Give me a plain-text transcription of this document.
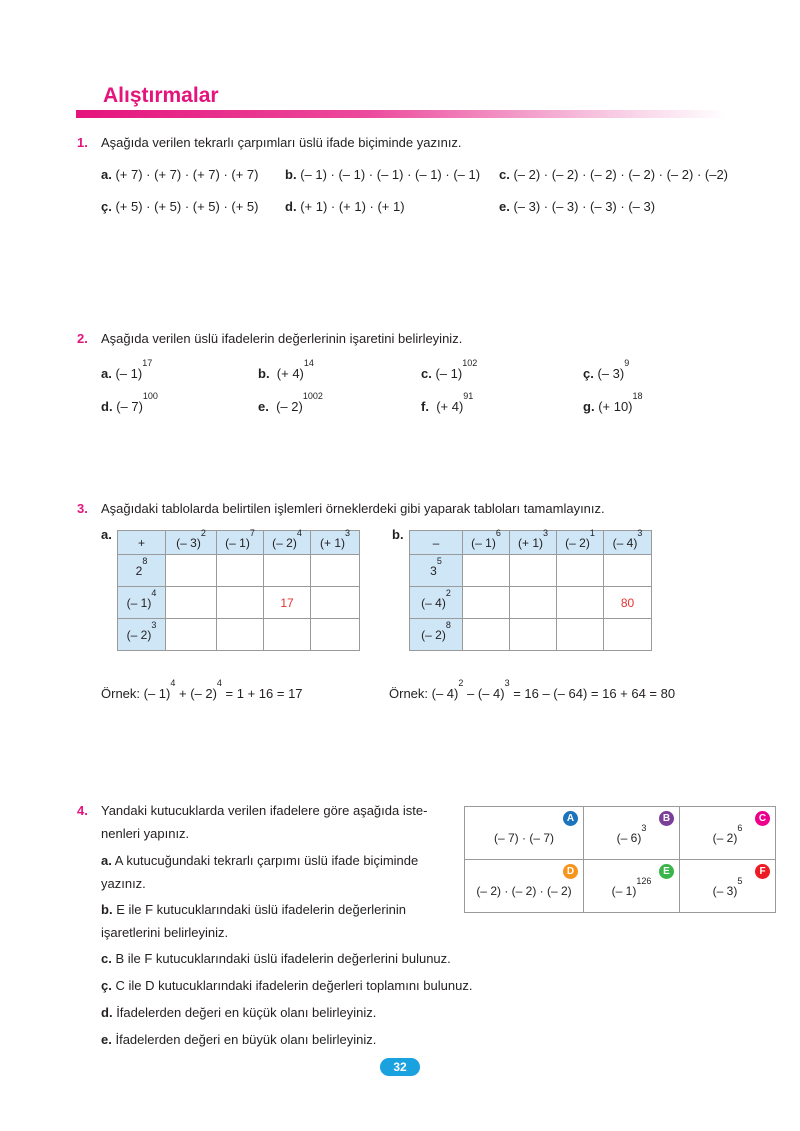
Alıştırmalar
1. Aşağıda verilen tekrarlı çarpımları üslü ifade biçiminde yazınız.
a. (+ 7) · (+ 7) · (+ 7) · (+ 7) b. (– 1) · (– 1) · (– 1) · (– 1) · (– 1) c. (– 2) · (– 2) · (– 2) · (– 2) · (– 2) · (–2)
ç. (+ 5) · (+ 5) · (+ 5) · (+ 5) d. (+ 1) · (+ 1) · (+ 1)	e. (– 3) · (– 3) · (– 3) · (– 3)
2. Aşağıda verilen üslü ifadelerin değerlerinin işaretini belirleyiniz.
a. (– 1)$^{17}$
b. (+ 4)$^{14}$
c. (– 1)$^{102}$
ç. (– 3)$^9$
d. (– 7)$^{100}$
e. (– 2)$^{1002}$
f. (+ 4)$^{91}$
g. (+ 10)$^{18}$
3. Aşağıdaki tablolarda belirtilen işlemleri örneklerdeki gibi yaparak tabloları tamamlayınız.
a.
+	(– 3)$^2$	(– 1)$^7$	(– 2)$^4$	(+ 1)$^3$
$2^8$				
(– 1)$^4$			17	
(– 2)$^3$				
b.
–	(– 1)$^6$	(+ 1)$^3$	(– 2)$^1$	(– 4)$^3$
$3^5$				
(– 4)$^2$				80
(– 2)$^8$				
Örnek: (– 1)$^4$ + (– 2)$^4$ = 1 + 16 = 17	Örnek: (– 4)$^2$ – (– 4)$^3$ = 16 – (– 64) = 16 + 64 = 80
4. Yandaki kutucuklarda verilen ifadelere göre aşağıda iste-
nenleri yapınız.
a. A kutucuğundaki tekrarlı çarpımı üslü ifade biçiminde
yazınız.
b. E ile F kutucuklarındaki üslü ifadelerin değerlerinin
işaretlerini belirleyiniz.
c. B ile F kutucuklarındaki üslü ifadelerin değerlerini bulunuz.
ç. C ile D kutucuklarındaki ifadelerin değerleri toplamını bulunuz.
d. İfadelerden değeri en küçük olanı belirleyiniz.
e. İfadelerden değeri en büyük olanı belirleyiniz.
A
(– 7) · (– 7)	B
(– 6)$^3$	C
(– 2)$^6$

D
(– 2) · (– 2) · (– 2)	E
(– 1)$^{126}$	F
(– 3)$^5$
32
